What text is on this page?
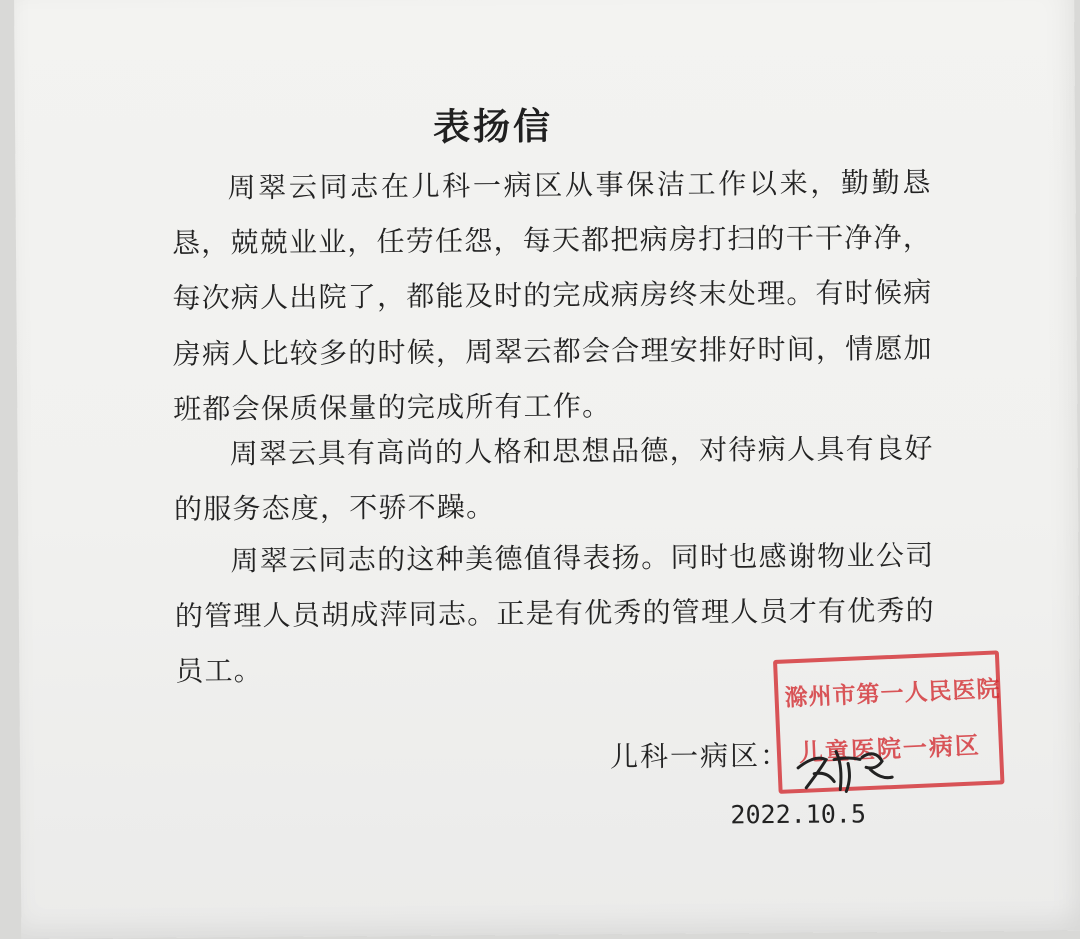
表扬信

周翠云同志在儿科一病区从事保洁工作以来，勤勤恳恳，兢兢业业，任劳任怨，每天都把病房打扫的干干净净，每次病人出院了，都能及时的完成病房终末处理。有时候病房病人比较多的时候，周翠云都会合理安排好时间，情愿加班都会保质保量的完成所有工作。

周翠云具有高尚的人格和思想品德，对待病人具有良好的服务态度，不骄不躁。

周翠云同志的这种美德值得表扬。同时也感谢物业公司的管理人员胡成萍同志。正是有优秀的管理人员才有优秀的员工。

滁州市第一人民医院
儿童医院一病区
儿科一病区：
2022.10.5
